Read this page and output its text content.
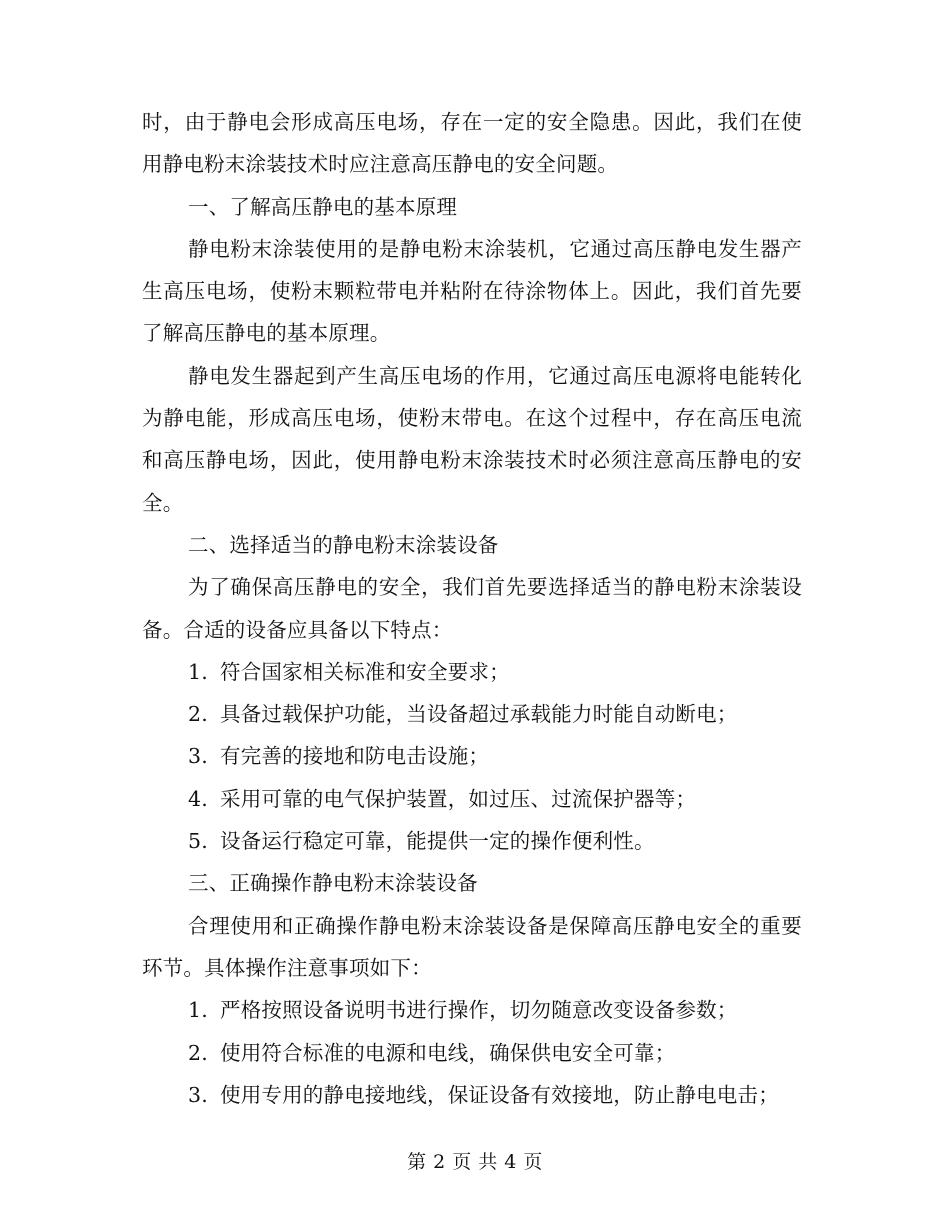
时，由于静电会形成高压电场，存在一定的安全隐患。因此，我们在使用静电粉末涂装技术时应注意高压静电的安全问题。

一、了解高压静电的基本原理

静电粉末涂装使用的是静电粉末涂装机，它通过高压静电发生器产生高压电场，使粉末颗粒带电并粘附在待涂物体上。因此，我们首先要了解高压静电的基本原理。

静电发生器起到产生高压电场的作用，它通过高压电源将电能转化为静电能，形成高压电场，使粉末带电。在这个过程中，存在高压电流和高压静电场，因此，使用静电粉末涂装技术时必须注意高压静电的安全。

二、选择适当的静电粉末涂装设备

为了确保高压静电的安全，我们首先要选择适当的静电粉末涂装设备。合适的设备应具备以下特点：

1. 符合国家相关标准和安全要求；
2. 具备过载保护功能，当设备超过承载能力时能自动断电；
3. 有完善的接地和防电击设施；
4. 采用可靠的电气保护装置，如过压、过流保护器等；
5. 设备运行稳定可靠，能提供一定的操作便利性。

三、正确操作静电粉末涂装设备

合理使用和正确操作静电粉末涂装设备是保障高压静电安全的重要环节。具体操作注意事项如下：

1. 严格按照设备说明书进行操作，切勿随意改变设备参数；
2. 使用符合标准的电源和电线，确保供电安全可靠；
3. 使用专用的静电接地线，保证设备有效接地，防止静电电击；
第 2 页 共 4 页
